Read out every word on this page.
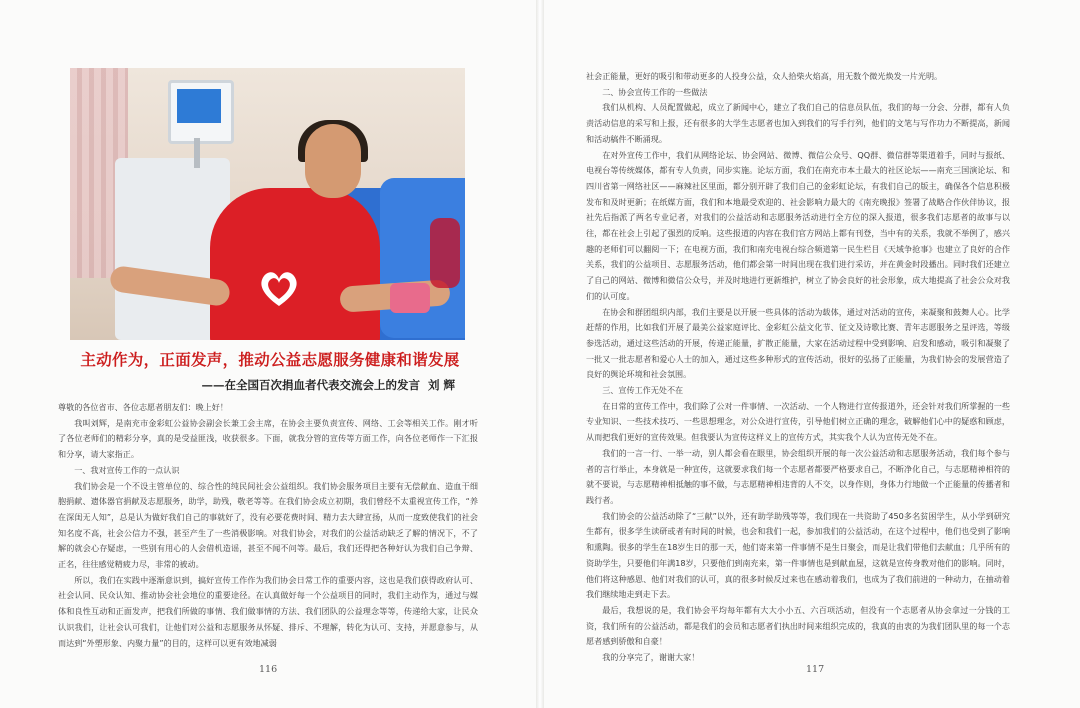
主动作为，正面发声，推动公益志愿服务健康和谐发展

——在全国百次捐血者代表交流会上的发言 刘 辉

尊敬的各位省市、各位志愿者朋友们：晚上好！

我叫刘辉，是南充市金彩虹公益协会副会长兼工会主席，在协会主要负责宣传、网络、工会等相关工作。刚才听了各位老师们的精彩分享，真的是受益匪浅，收获很多。下面，就我分管的宣传等方面工作，向各位老师作一下汇报和分享，请大家指正。

一、我对宣传工作的一点认识

我们协会是一个不设主管单位的、综合性的纯民间社会公益组织。我们协会服务项目主要有无偿献血、造血干细胞捐献、遗体器官捐献及志愿服务，助学，助残，敬老等等。在我们协会成立初期，我们曾经不太重视宣传工作，“养在深闺无人知”，总是认为做好我们自己的事就好了，没有必要花费时间、精力去大肆宣扬，从而一度致使我们的社会知名度不高，社会公信力不强，甚至产生了一些消极影响。对我们协会，对我们的公益活动缺乏了解的情况下，不了解的就会心存疑虑，一些别有用心的人会借机造谣，甚至不闻不问等。最后，我们还得把各种好认为我们自己争辩、正名，往往感觉精疲力尽，非常的被动。

所以，我们在实践中逐渐意识到，搞好宣传工作作为我们协会日常工作的重要内容，这也是我们获得政府认可、社会认同、民众认知、推动协会社会地位的重要途径。在认真做好每一个公益项目的同时，我们主动作为，通过与媒体和良性互动和正面发声，把我们所做的事情、我们做事情的方法、我们团队的公益理念等等，传递给大家，让民众认识我们，让社会认可我们，让他们对公益和志愿服务从怀疑、排斥、不理解，转化为认可、支持，并愿意参与，从而达到“外塑形象、内聚力量”的目的，这样可以更有效地减弱

116

社会正能量，更好的吸引和带动更多的人投身公益，众人拾柴火焰高，用无数个微光焕发一片光明。

二、协会宣传工作的一些做法

我们从机构、人员配置做起，成立了新闻中心，建立了我们自己的信息员队伍，我们的每一分会、分群，都有人负责活动信息的采写和上报，还有很多的大学生志愿者也加入到我们的写手行列，他们的文笔与写作功力不断提高，新闻和活动稿件不断涌现。

在对外宣传工作中，我们从网络论坛、协会网站、微博、微信公众号、QQ群、微信群等渠道着手，同时与报纸、电视台等传统媒体，都有专人负责，同步实施。论坛方面，我们在南充市本土最大的社区论坛——南充三国演论坛、和四川省第一网络社区——麻辣社区里面，都分别开辟了我们自己的金彩虹论坛，有我们自己的版主，确保各个信息积极发布和及时更新；在纸媒方面，我们和本地最受欢迎的、社会影响力最大的《南充晚报》签署了战略合作伙伴协议，报社先后指派了两名专业记者，对我们的公益活动和志愿服务活动进行全方位的深入报道，很多我们志愿者的故事与以往，都在社会上引起了强烈的反响。这些报道的内容在我们官方网站上都有刊登，当中有的关系，我就不举例了，感兴趣的老师们可以翻阅一下；在电视方面，我们和南充电视台综合频道第一民生栏目《天域争抢事》也建立了良好的合作关系，我们的公益项目、志愿服务活动，他们都会第一时间出现在我们进行采访，并在黄金时段播出。同时我们还建立了自己的网站、微博和微信公众号，并及时地进行更新维护，树立了协会良好的社会形象，成大地提高了社会公众对我们的认可度。

在协会和群团组织内部，我们主要是以开展一些具体的活动为载体，通过对活动的宣传，来凝聚和鼓舞人心。比学赶帮的作用，比如我们开展了最美公益家庭评比、金彩虹公益文化节、征文及诗歌比赛、青年志愿服务之星评选，等级参选活动，通过这些活动的开展，传递正能量，扩散正能量，大家在活动过程中受到影响、启发和感动，吸引和凝聚了一批又一批志愿者和爱心人士的加入，通过这些多种形式的宣传活动，很好的弘扬了正能量，为我们协会的发展营造了良好的舆论环境和社会氛围。

三、宣传工作无处不在

在日常的宣传工作中，我们除了公对一件事情、一次活动、一个人物进行宣传报道外，还会针对我们所掌握的一些专业知识、一些技术技巧、一些思想理念，对公众进行宣传，引导他们树立正确的理念，破解他们心中的疑惑和顾虑，从而把我们更好的宣传效果。但我要认为宣传这样义上的宣传方式，其实我个人认为宣传无处不在。

我们的一言一行、一举一动，别人都会看在眼里，协会组织开展的每一次公益活动和志愿服务活动，我们每个参与者的言行举止，本身就是一种宣传，这就要求我们每一个志愿者都要严格要求自己，不断净化自己，与志愿精神相符的就不要说，与志愿精神相抵触的事不做，与志愿精神相违背的人不交，以身作则，身体力行地做一个正能量的传播者和践行者。

我们协会的公益活动除了“三献”以外，还有助学助残等等，我们现在一共资助了450多名贫困学生，从小学到研究生都有，很多学生读研或者有时间的时候，也会和我们一起，参加我们的公益活动，在这个过程中，他们也受到了影响和熏陶。很多的学生在18岁生日的那一天，他们寄来第一件事情不是生日聚会，而是让我们带他们去献血；几乎所有的资助学生，只要他们年满18岁，只要他们到南充来，第一件事情也是到献血屋，这就是宣传身教对他们的影响。同时，他们将这种感恩、他们对我们的认可，真的很多时候反过来也在感动着我们，也成为了我们前进的一种动力，在抽动着我们继续地走到走下去。

最后，我想说的是，我们协会平均每年都有大大小小五、六百项活动，但没有一个志愿者从协会拿过一分钱的工资，我们所有的公益活动，都是我们的会员和志愿者们执出时间来组织完成的，我真的由衷的为我们团队里的每一个志愿者感到骄傲和自豪！

我的分享完了，谢谢大家！

117
